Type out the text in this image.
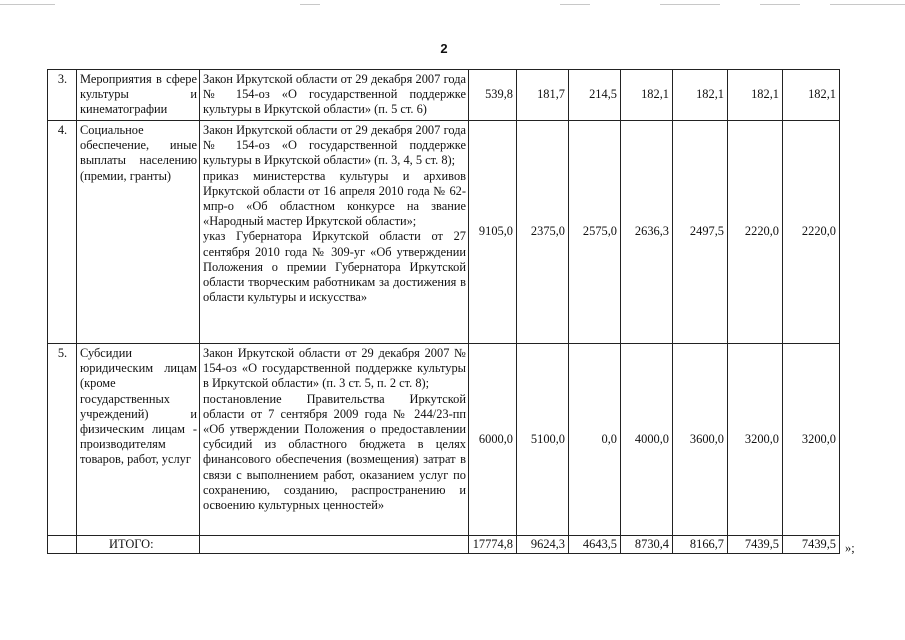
2
3.	Мероприятия в сфере культуры и кинематографии	Закон Иркутской области от 29 декабря 2007 года № 154-оз «О государственной поддержке культуры в Иркутской области» (п. 5 ст. 6)	539,8	181,7	214,5	182,1	182,1	182,1	182,1
4.	Социальное обеспечение, иные выплаты населению (премии, гранты)	Закон Иркутской области от 29 декабря 2007 года № 154-оз «О государственной поддержке культуры в Иркутской области» (п. 3, 4, 5 ст. 8);
приказ министерства культуры и архивов Иркутской области от 16 апреля 2010 года № 62-мпр-о «Об областном конкурсе на звание «Народный мастер Иркутской области»;
указ Губернатора Иркутской области от 27 сентября 2010 года № 309-уг «Об утверждении Положения о премии Губернатора Иркутской области творческим работникам за достижения в области культуры и искусства»	9105,0	2375,0	2575,0	2636,3	2497,5	2220,0	2220,0
5.	Субсидии юридическим лицам (кроме государственных учреждений) и физическим лицам - производителям товаров, работ, услуг	Закон Иркутской области от 29 декабря 2007 № 154-оз «О государственной поддержке культуры в Иркутской области» (п. 3 ст. 5, п. 2 ст. 8);
постановление Правительства Иркутской области от 7 сентября 2009 года № 244/23-пп «Об утверждении Положения о предоставлении субсидий из областного бюджета в целях финансового обеспечения (возмещения) затрат в связи с выполнением работ, оказанием услуг по сохранению, созданию, распространению и освоению культурных ценностей»	6000,0	5100,0	0,0	4000,0	3600,0	3200,0	3200,0
	ИТОГО:		17774,8	9624,3	4643,5	8730,4	8166,7	7439,5	7439,5 »;
